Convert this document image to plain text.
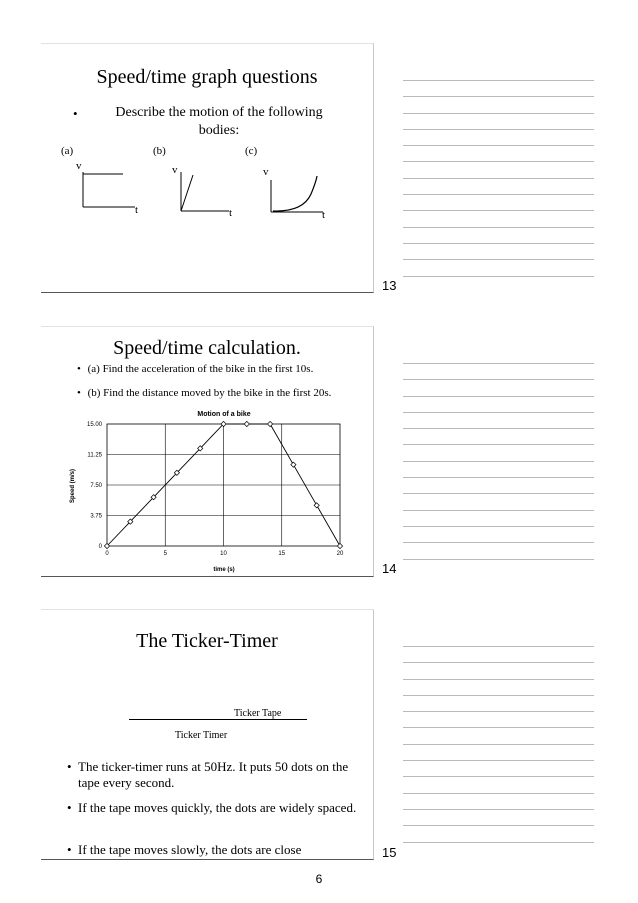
Speed/time graph questions
•	Describe the motion of the following bodies:
(a)	(b)	(c)
v	v	v
t	t	t
13
Speed/time calculation.
• (a) Find the acceleration of the bike in the first 10s.
• (b) Find the distance moved by the bike in the first 20s.
Motion of a bike
time (s)
Speed (m/s)
0
3.75
7.50
11.25
15.00
0	5	10	15	20
14
The Ticker-Timer
Ticker Tape
Ticker Timer
• The ticker-timer runs at 50Hz. It puts 50 dots on the tape every second.
• If the tape moves quickly, the dots are widely spaced.
• If the tape moves slowly, the dots are close	15
6
